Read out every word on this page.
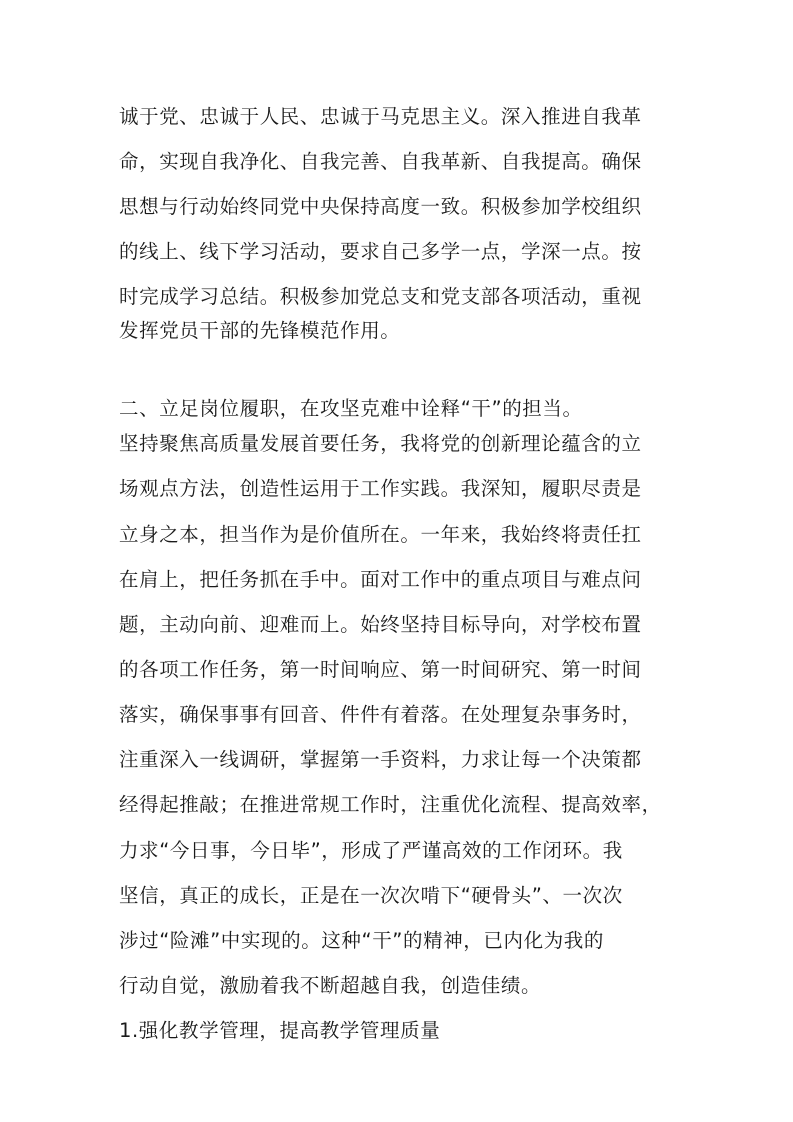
诚于党、忠诚于人民、忠诚于马克思主义。深入推进自我革
命，实现自我净化、自我完善、自我革新、自我提高。确保
思想与行动始终同党中央保持高度一致。积极参加学校组织
的线上、线下学习活动，要求自己多学一点，学深一点。按
时完成学习总结。积极参加党总支和党支部各项活动，重视
发挥党员干部的先锋模范作用。
二、立足岗位履职，在攻坚克难中诠释“干”的担当。
坚持聚焦高质量发展首要任务，我将党的创新理论蕴含的立
场观点方法，创造性运用于工作实践。我深知，履职尽责是
立身之本，担当作为是价值所在。一年来，我始终将责任扛
在肩上，把任务抓在手中。面对工作中的重点项目与难点问
题，主动向前、迎难而上。始终坚持目标导向，对学校布置
的各项工作任务，第一时间响应、第一时间研究、第一时间
落实，确保事事有回音、件件有着落。在处理复杂事务时，
注重深入一线调研，掌握第一手资料，力求让每一个决策都
经得起推敲；在推进常规工作时，注重优化流程、提高效率，
力求“今日事，今日毕”，形成了严谨高效的工作闭环。我
坚信，真正的成长，正是在一次次啃下“硬骨头”、一次次
涉过“险滩”中实现的。这种“干”的精神，已内化为我的
行动自觉，激励着我不断超越自我，创造佳绩。
1.强化教学管理，提高教学管理质量
